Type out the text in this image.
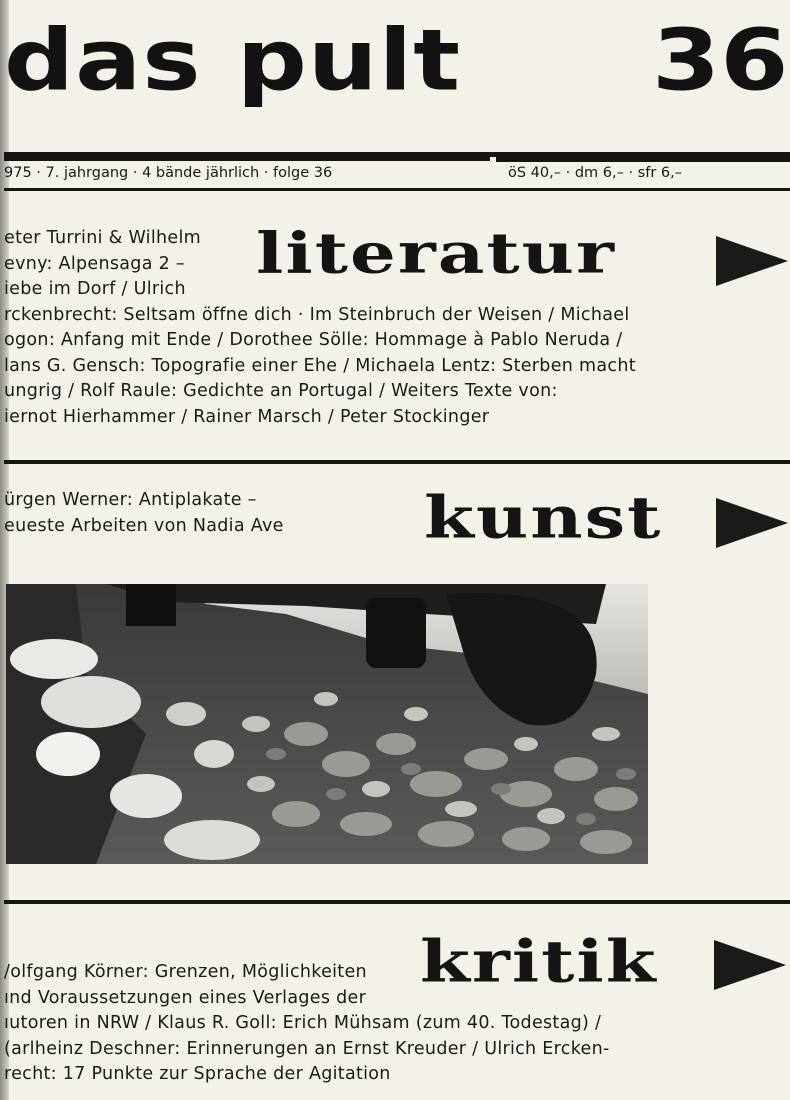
das pult 36
975 · 7. jahrgang · 4 bände jährlich · folge 36	öS 40,– · dm 6,– · sfr 6,–
literatur
eter Turrini & Wilhelm
evny: Alpensaga 2 –
iebe im Dorf / Ulrich
rckenbrecht: Seltsam öffne dich · Im Steinbruch der Weisen / Michael
ogon: Anfang mit Ende / Dorothee Sölle: Hommage à Pablo Neruda /
lans G. Gensch: Topografie einer Ehe / Michaela Lentz: Sterben macht
ungrig / Rolf Raule: Gedichte an Portugal / Weiters Texte von:
iernot Hierhammer / Rainer Marsch / Peter Stockinger
kunst
ürgen Werner: Antiplakate –
eueste Arbeiten von Nadia Ave
kritik
/olfgang Körner: Grenzen, Möglichkeiten
ınd Voraussetzungen eines Verlages der
ıutoren in NRW / Klaus R. Goll: Erich Mühsam (zum 40. Todestag) /
(arlheinz Deschner: Erinnerungen an Ernst Kreuder / Ulrich Ercken-
recht: 17 Punkte zur Sprache der Agitation
